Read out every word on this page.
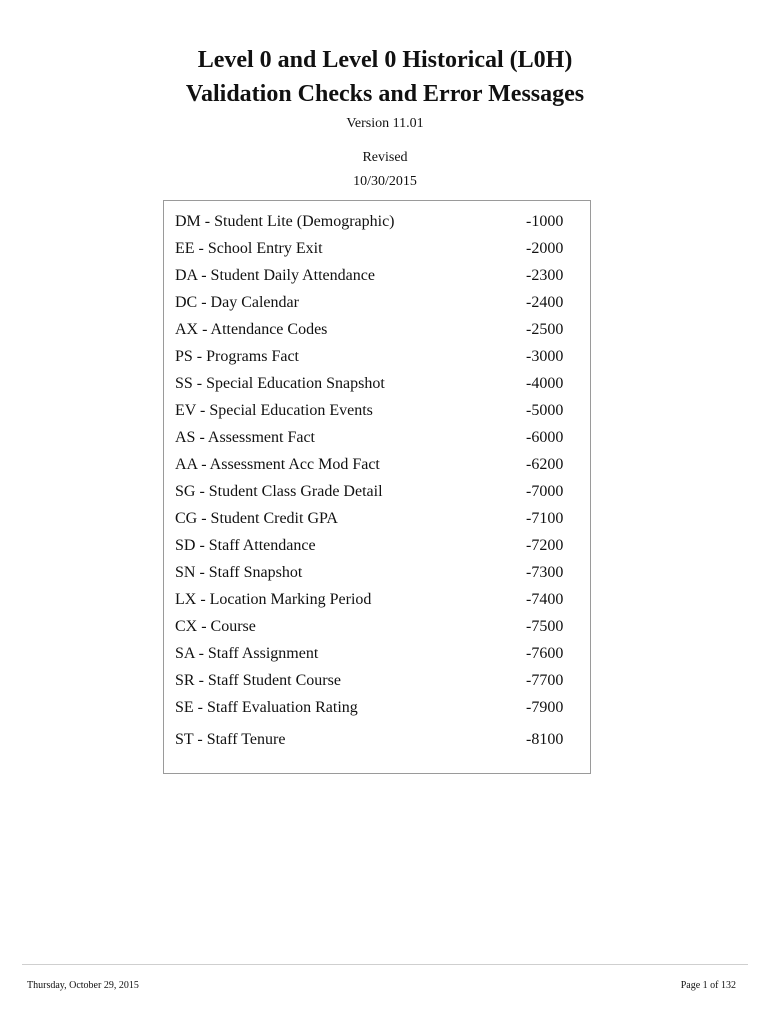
Level 0 and Level 0 Historical (L0H)
Validation Checks and Error Messages
Version 11.01
Revised
10/30/2015
DM - Student Lite (Demographic)	-1000
EE - School Entry Exit	-2000
DA - Student Daily Attendance	-2300
DC - Day Calendar	-2400
AX - Attendance Codes	-2500
PS - Programs Fact	-3000
SS - Special Education Snapshot	-4000
EV - Special Education Events	-5000
AS - Assessment Fact	-6000
AA - Assessment Acc Mod Fact	-6200
SG - Student Class Grade Detail	-7000
CG - Student Credit GPA	-7100
SD - Staff Attendance	-7200
SN - Staff Snapshot	-7300
LX - Location Marking Period	-7400
CX - Course	-7500
SA - Staff Assignment	-7600
SR - Staff Student Course	-7700
SE - Staff Evaluation Rating	-7900
ST - Staff Tenure	-8100
Thursday, October 29, 2015	Page 1 of 132
